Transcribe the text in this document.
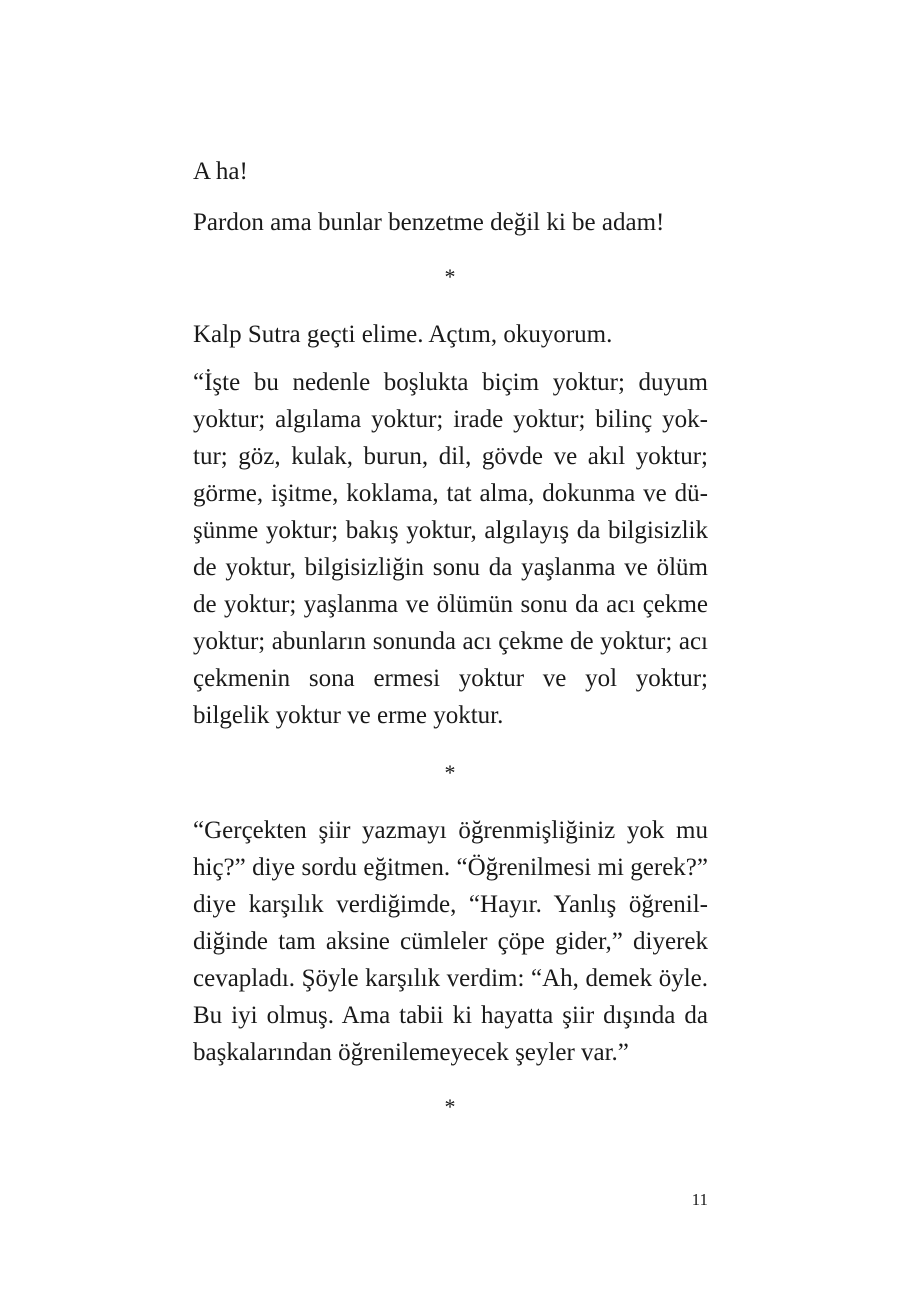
A ha!

Pardon ama bunlar benzetme değil ki be adam!

*

Kalp Sutra geçti elime. Açtım, okuyorum.

“İşte bu nedenle boşlukta biçim yoktur; duyum yoktur; algılama yoktur; irade yoktur; bilinç yoktur; göz, kulak, burun, dil, gövde ve akıl yoktur; görme, işitme, koklama, tat alma, dokunma ve düşünme yoktur; bakış yoktur, algılayış da bilgisizlik de yoktur, bilgisizliğin sonu da yaşlanma ve ölüm de yoktur; yaşlanma ve ölümün sonu da acı çekme yoktur; abunların sonunda acı çekme de yoktur; acı çekmenin sona ermesi yoktur ve yol yoktur; bilgelik yoktur ve erme yoktur.

*

“Gerçekten şiir yazmayı öğrenmişliğiniz yok mu hiç?” diye sordu eğitmen. “Öğrenilmesi mi gerek?” diye karşılık verdiğimde, “Hayır. Yanlış öğrenildiğinde tam aksine cümleler çöpe gider,” diyerek cevapladı. Şöyle karşılık verdim: “Ah, demek öyle. Bu iyi olmuş. Ama tabii ki hayatta şiir dışında da başkalarından öğrenilemeyecek şeyler var.”

*
11
